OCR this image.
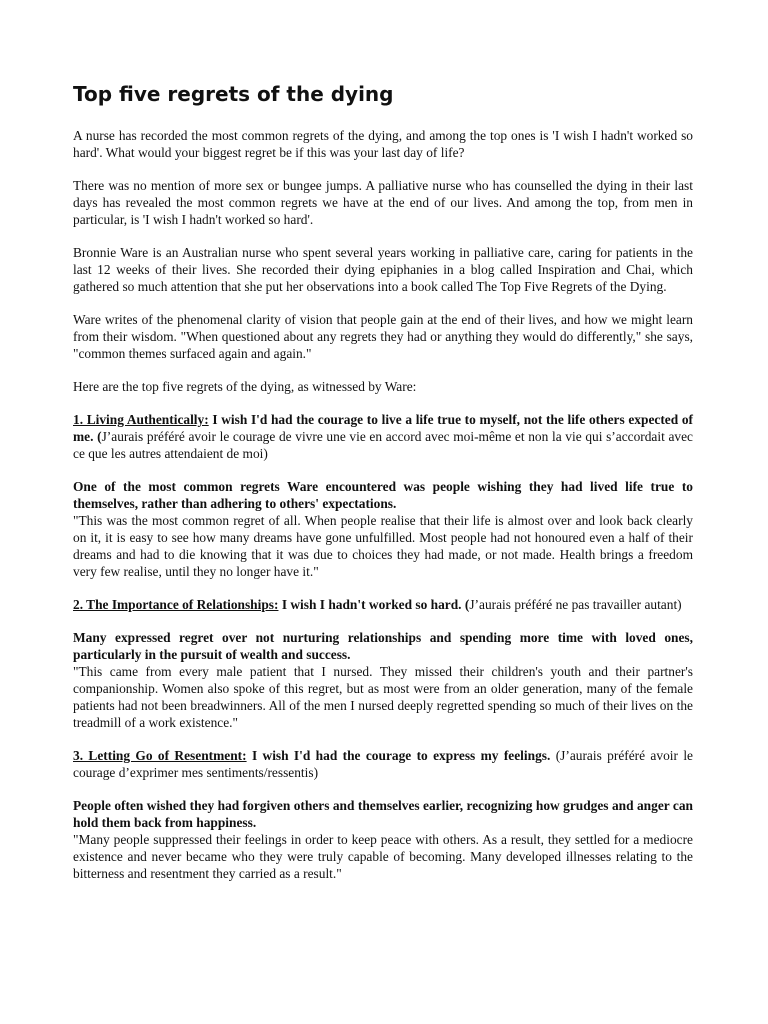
Top five regrets of the dying

A nurse has recorded the most common regrets of the dying, and among the top ones is 'I wish I hadn't worked so hard'. What would your biggest regret be if this was your last day of life?

There was no mention of more sex or bungee jumps. A palliative nurse who has counselled the dying in their last days has revealed the most common regrets we have at the end of our lives. And among the top, from men in particular, is 'I wish I hadn't worked so hard'.

Bronnie Ware is an Australian nurse who spent several years working in palliative care, caring for patients in the last 12 weeks of their lives. She recorded their dying epiphanies in a blog called Inspiration and Chai, which gathered so much attention that she put her observations into a book called The Top Five Regrets of the Dying.

Ware writes of the phenomenal clarity of vision that people gain at the end of their lives, and how we might learn from their wisdom. "When questioned about any regrets they had or anything they would do differently," she says, "common themes surfaced again and again."

Here are the top five regrets of the dying, as witnessed by Ware:

1. Living Authentically: I wish I'd had the courage to live a life true to myself, not the life others expected of me. (J’aurais préféré avoir le courage de vivre une vie en accord avec moi-même et non la vie qui s’accordait avec ce que les autres attendaient de moi)

One of the most common regrets Ware encountered was people wishing they had lived life true to themselves, rather than adhering to others' expectations.
"This was the most common regret of all. When people realise that their life is almost over and look back clearly on it, it is easy to see how many dreams have gone unfulfilled. Most people had not honoured even a half of their dreams and had to die knowing that it was due to choices they had made, or not made. Health brings a freedom very few realise, until they no longer have it."

2. The Importance of Relationships: I wish I hadn't worked so hard. (J’aurais préféré ne pas travailler autant)

Many expressed regret over not nurturing relationships and spending more time with loved ones, particularly in the pursuit of wealth and success.
"This came from every male patient that I nursed. They missed their children's youth and their partner's companionship. Women also spoke of this regret, but as most were from an older generation, many of the female patients had not been breadwinners. All of the men I nursed deeply regretted spending so much of their lives on the treadmill of a work existence."

3. Letting Go of Resentment: I wish I'd had the courage to express my feelings. (J’aurais préféré avoir le courage d’exprimer mes sentiments/ressentis)

People often wished they had forgiven others and themselves earlier, recognizing how grudges and anger can hold them back from happiness.
"Many people suppressed their feelings in order to keep peace with others. As a result, they settled for a mediocre existence and never became who they were truly capable of becoming. Many developed illnesses relating to the bitterness and resentment they carried as a result."
